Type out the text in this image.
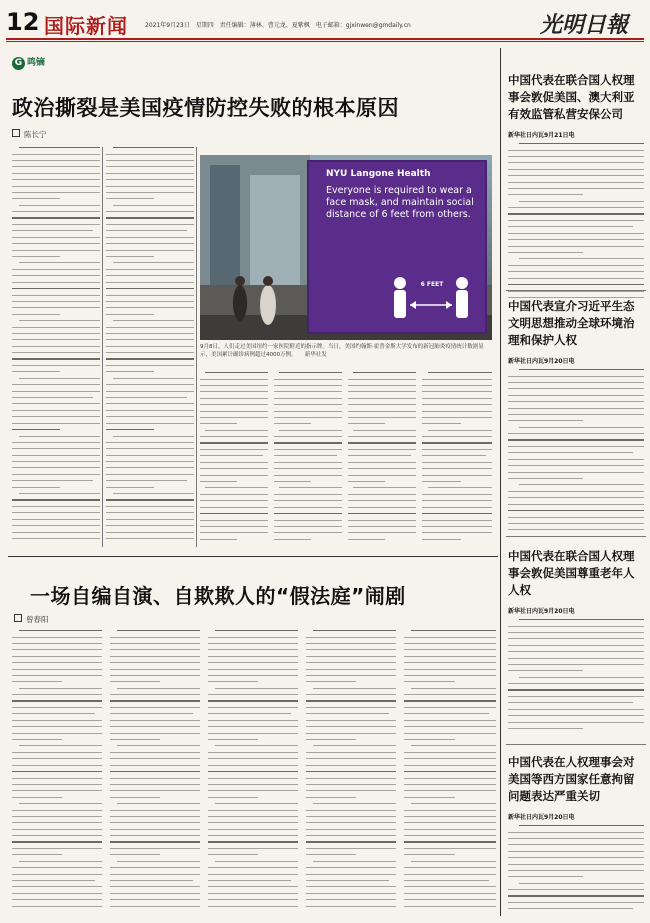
12 国际新闻	2021年9月23日　星期四　责任编辑：薄林、曹元龙、夏紫枫　电子邮箱：gjxinwen@gmdaily.cn	光明日報
G 鸣镝
政治撕裂是美国疫情防控失败的根本原因
陈长宁
NYU Langone Health
Everyone is required to wear a face mask, and maintain social distance of 6 feet from others.
6 FEET
9月8日，人们走过美国纽约一家医院附近的指示牌。当日，美国约翰斯·霍普金斯大学发布的新冠肺炎疫情统计数据显示，美国累计确诊病例超过4000万例。　　新华社发
一场自编自演、自欺欺人的“假法庭”闹剧
曾春阳
中国代表在联合国人权理事会敦促美国、澳大利亚有效监管私营安保公司
新华社日内瓦9月21日电
中国代表宣介习近平生态文明思想推动全球环境治理和保护人权
新华社日内瓦9月20日电
中国代表在联合国人权理事会敦促美国尊重老年人人权
新华社日内瓦9月20日电
中国代表在人权理事会对美国等西方国家任意拘留问题表达严重关切
新华社日内瓦9月20日电
